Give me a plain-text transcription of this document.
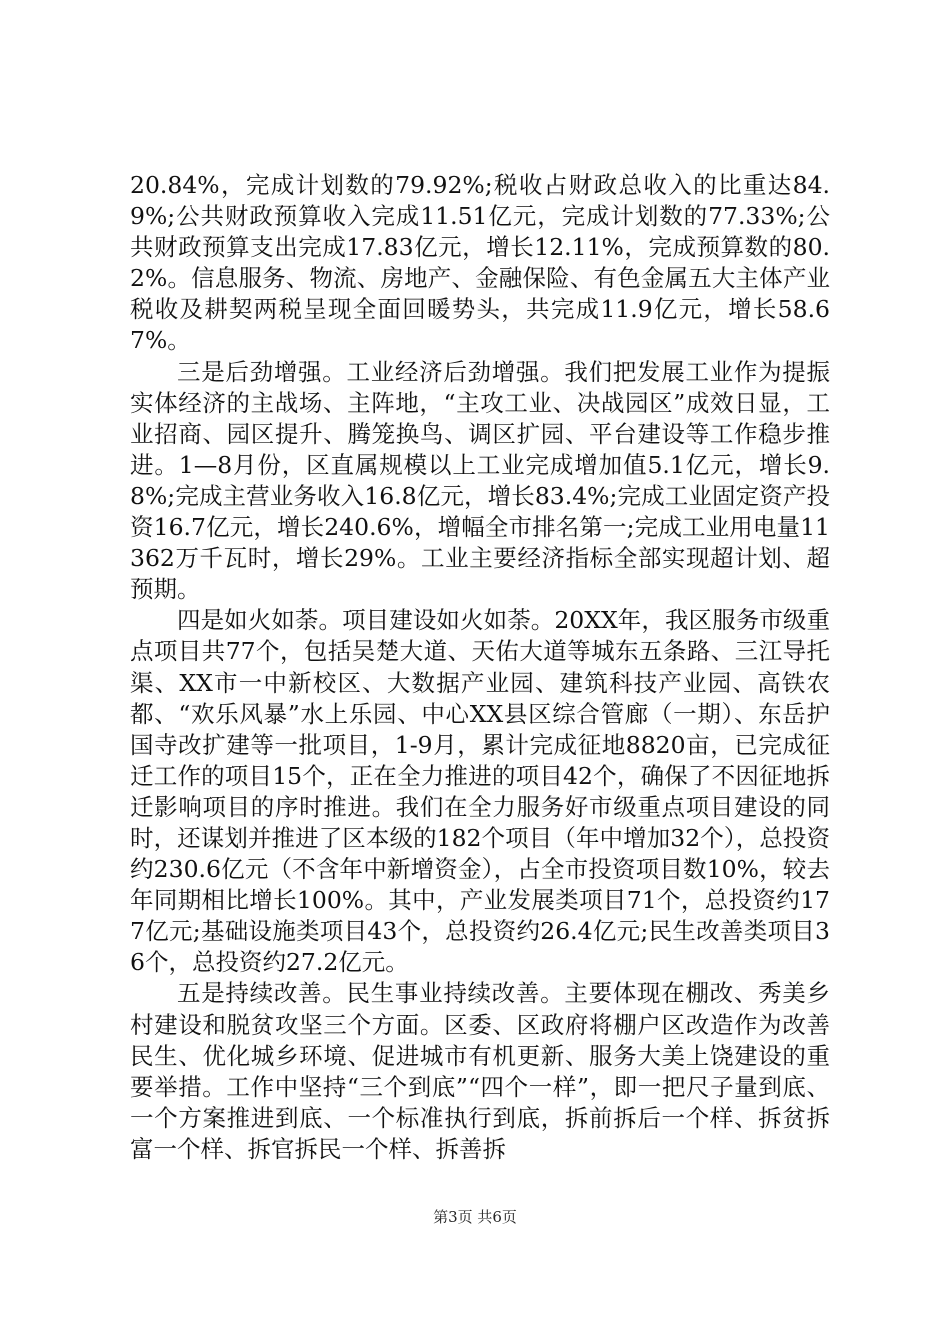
20.84%，完成计划数的79.92%;税收占财政总收入的比重达84.9%;公共财政预算收入完成11.51亿元，完成计划数的77.33%;公共财政预算支出完成17.83亿元，增长12.11%，完成预算数的80.2%。信息服务、物流、房地产、金融保险、有色金属五大主体产业税收及耕契两税呈现全面回暖势头，共完成11.9亿元，增长58.67%。

三是后劲增强。工业经济后劲增强。我们把发展工业作为提振实体经济的主战场、主阵地，“主攻工业、决战园区”成效日显，工业招商、园区提升、腾笼换鸟、调区扩园、平台建设等工作稳步推进。1—8月份，区直属规模以上工业完成增加值5.1亿元，增长9.8%;完成主营业务收入16.8亿元，增长83.4%;完成工业固定资产投资16.7亿元，增长240.6%，增幅全市排名第一;完成工业用电量11362万千瓦时，增长29%。工业主要经济指标全部实现超计划、超预期。

四是如火如荼。项目建设如火如荼。20XX年，我区服务市级重点项目共77个，包括吴楚大道、天佑大道等城东五条路、三江导托渠、XX市一中新校区、大数据产业园、建筑科技产业园、高铁农都、“欢乐风暴”水上乐园、中心XX县区综合管廊（一期）、东岳护国寺改扩建等一批项目，1-9月，累计完成征地8820亩，已完成征迁工作的项目15个，正在全力推进的项目42个，确保了不因征地拆迁影响项目的序时推进。我们在全力服务好市级重点项目建设的同时，还谋划并推进了区本级的182个项目（年中增加32个），总投资约230.6亿元（不含年中新增资金），占全市投资项目数10%，较去年同期相比增长100%。其中，产业发展类项目71个，总投资约177亿元;基础设施类项目43个，总投资约26.4亿元;民生改善类项目36个，总投资约27.2亿元。

五是持续改善。民生事业持续改善。主要体现在棚改、秀美乡村建设和脱贫攻坚三个方面。区委、区政府将棚户区改造作为改善民生、优化城乡环境、促进城市有机更新、服务大美上饶建设的重要举措。工作中坚持“三个到底”“四个一样”，即一把尺子量到底、一个方案推进到底、一个标准执行到底，拆前拆后一个样、拆贫拆富一个样、拆官拆民一个样、拆善拆

第3页 共6页
